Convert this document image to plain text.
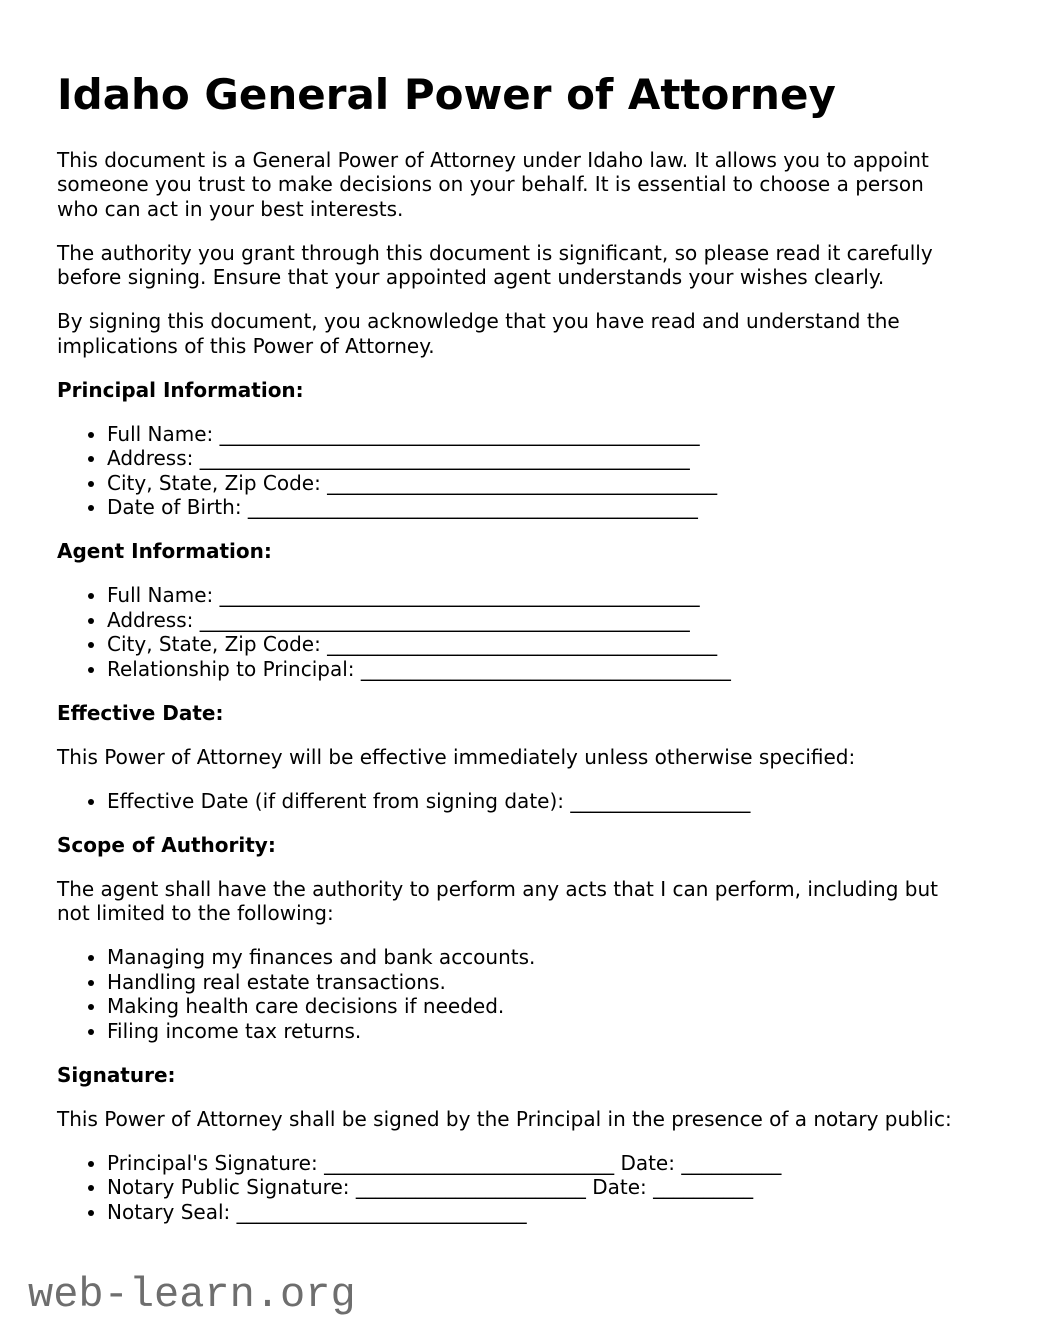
Idaho General Power of Attorney

This document is a General Power of Attorney under Idaho law. It allows you to appoint someone you trust to make decisions on your behalf. It is essential to choose a person who can act in your best interests.

The authority you grant through this document is significant, so please read it carefully before signing. Ensure that your appointed agent understands your wishes clearly.

By signing this document, you acknowledge that you have read and understand the implications of this Power of Attorney.

Principal Information:
• Full Name: ________________________________________________
• Address: _________________________________________________
• City, State, Zip Code: _______________________________________
• Date of Birth: _____________________________________________
Agent Information:
• Full Name: ________________________________________________
• Address: _________________________________________________
• City, State, Zip Code: _______________________________________
• Relationship to Principal: _____________________________________
Effective Date:

This Power of Attorney will be effective immediately unless otherwise specified:

• Effective Date (if different from signing date): __________________
Scope of Authority:

The agent shall have the authority to perform any acts that I can perform, including but not limited to the following:

• Managing my finances and bank accounts.
• Handling real estate transactions.
• Making health care decisions if needed.
• Filing income tax returns.
Signature:

This Power of Attorney shall be signed by the Principal in the presence of a notary public:

• Principal's Signature: _____________________________ Date: __________
• Notary Public Signature: _______________________ Date: __________
• Notary Seal: _____________________________
web-learn.org
